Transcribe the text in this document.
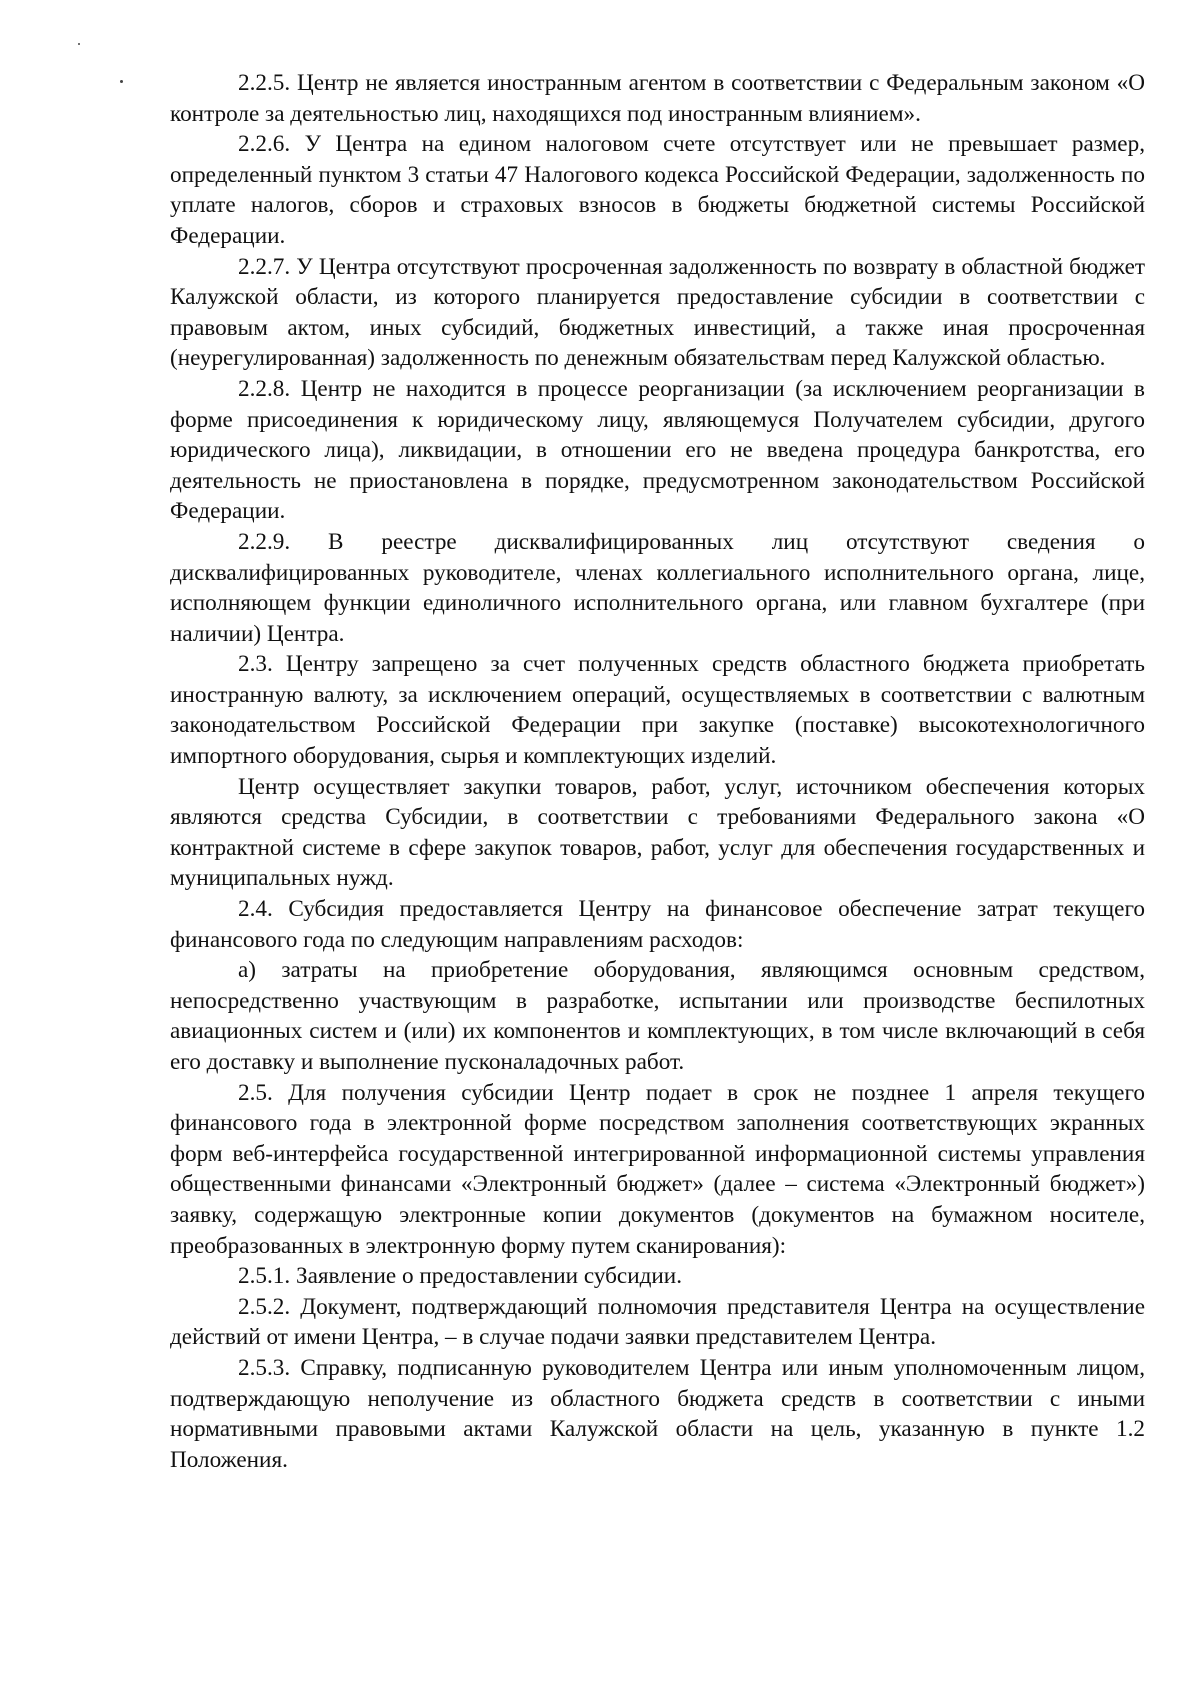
2.2.5. Центр не является иностранным агентом в соответствии с Федеральным законом «О контроле за деятельностью лиц, находящихся под иностранным влиянием».

2.2.6. У Центра на едином налоговом счете отсутствует или не превышает размер, определенный пунктом 3 статьи 47 Налогового кодекса Российской Федерации, задолженность по уплате налогов, сборов и страховых взносов в бюджеты бюджетной системы Российской Федерации.

2.2.7. У Центра отсутствуют просроченная задолженность по возврату в областной бюджет Калужской области, из которого планируется предоставление субсидии в соответствии с правовым актом, иных субсидий, бюджетных инвестиций, а также иная просроченная (неурегулированная) задолженность по денежным обязательствам перед Калужской областью.

2.2.8. Центр не находится в процессе реорганизации (за исключением реорганизации в форме присоединения к юридическому лицу, являющемуся Получателем субсидии, другого юридического лица), ликвидации, в отношении его не введена процедура банкротства, его деятельность не приостановлена в порядке, предусмотренном законодательством Российской Федерации.

2.2.9. В реестре дисквалифицированных лиц отсутствуют сведения о дисквалифицированных руководителе, членах коллегиального исполнительного органа, лице, исполняющем функции единоличного исполнительного органа, или главном бухгалтере (при наличии) Центра.

2.3. Центру запрещено за счет полученных средств областного бюджета приобретать иностранную валюту, за исключением операций, осуществляемых в соответствии с валютным законодательством Российской Федерации при закупке (поставке) высокотехнологичного импортного оборудования, сырья и комплектующих изделий.

Центр осуществляет закупки товаров, работ, услуг, источником обеспечения которых являются средства Субсидии, в соответствии с требованиями Федерального закона «О контрактной системе в сфере закупок товаров, работ, услуг для обеспечения государственных и муниципальных нужд.

2.4. Субсидия предоставляется Центру на финансовое обеспечение затрат текущего финансового года по следующим направлениям расходов:

а) затраты на приобретение оборудования, являющимся основным средством, непосредственно участвующим в разработке, испытании или производстве беспилотных авиационных систем и (или) их компонентов и комплектующих, в том числе включающий в себя его доставку и выполнение пусконаладочных работ.

2.5. Для получения субсидии Центр подает в срок не позднее 1 апреля текущего финансового года в электронной форме посредством заполнения соответствующих экранных форм веб-интерфейса государственной интегрированной информационной системы управления общественными финансами «Электронный бюджет» (далее – система «Электронный бюджет») заявку, содержащую электронные копии документов (документов на бумажном носителе, преобразованных в электронную форму путем сканирования):

2.5.1. Заявление о предоставлении субсидии.

2.5.2. Документ, подтверждающий полномочия представителя Центра на осуществление действий от имени Центра, – в случае подачи заявки представителем Центра.

2.5.3. Справку, подписанную руководителем Центра или иным уполномоченным лицом, подтверждающую неполучение из областного бюджета средств в соответствии с иными нормативными правовыми актами Калужской области на цель, указанную в пункте 1.2 Положения.
